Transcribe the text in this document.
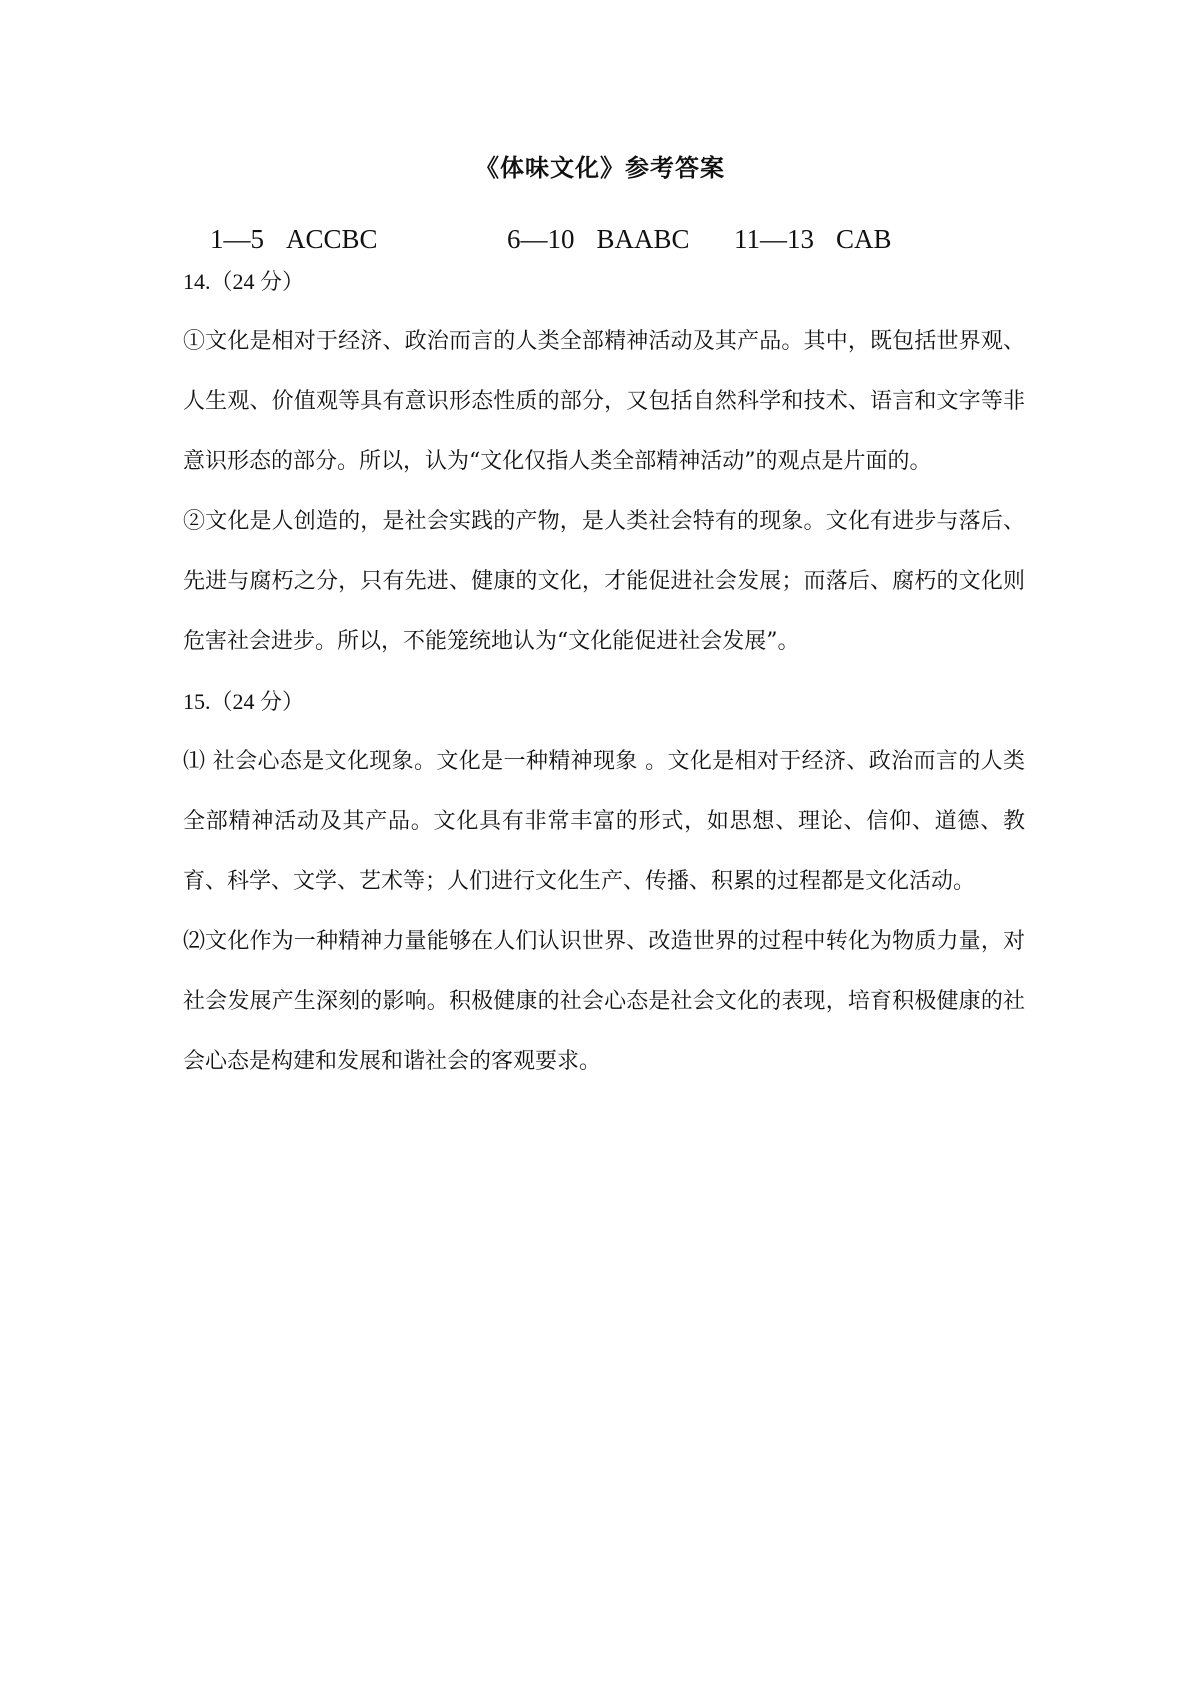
《体味文化》参考答案

1—5 ACCBC
	6—10 BAABC
	11—13 CAB

14.（24 分）

①文化是相对于经济、政治而言的人类全部精神活动及其产品。其中，既包括世界观、人生观、价值观等具有意识形态性质的部分，又包括自然科学和技术、语言和文字等非意识形态的部分。所以，认为“文化仅指人类全部精神活动”的观点是片面的。

②文化是人创造的，是社会实践的产物，是人类社会特有的现象。文化有进步与落后、先进与腐朽之分，只有先进、健康的文化，才能促进社会发展；而落后、腐朽的文化则危害社会进步。所以，不能笼统地认为“文化能促进社会发展”。

15.（24 分）

⑴ 社会心态是文化现象。文化是一种精神现象 。文化是相对于经济、政治而言的人类全部精神活动及其产品。文化具有非常丰富的形式，如思想、理论、信仰、道德、教育、科学、文学、艺术等；人们进行文化生产、传播、积累的过程都是文化活动。

⑵文化作为一种精神力量能够在人们认识世界、改造世界的过程中转化为物质力量，对社会发展产生深刻的影响。积极健康的社会心态是社会文化的表现，培育积极健康的社会心态是构建和发展和谐社会的客观要求。
